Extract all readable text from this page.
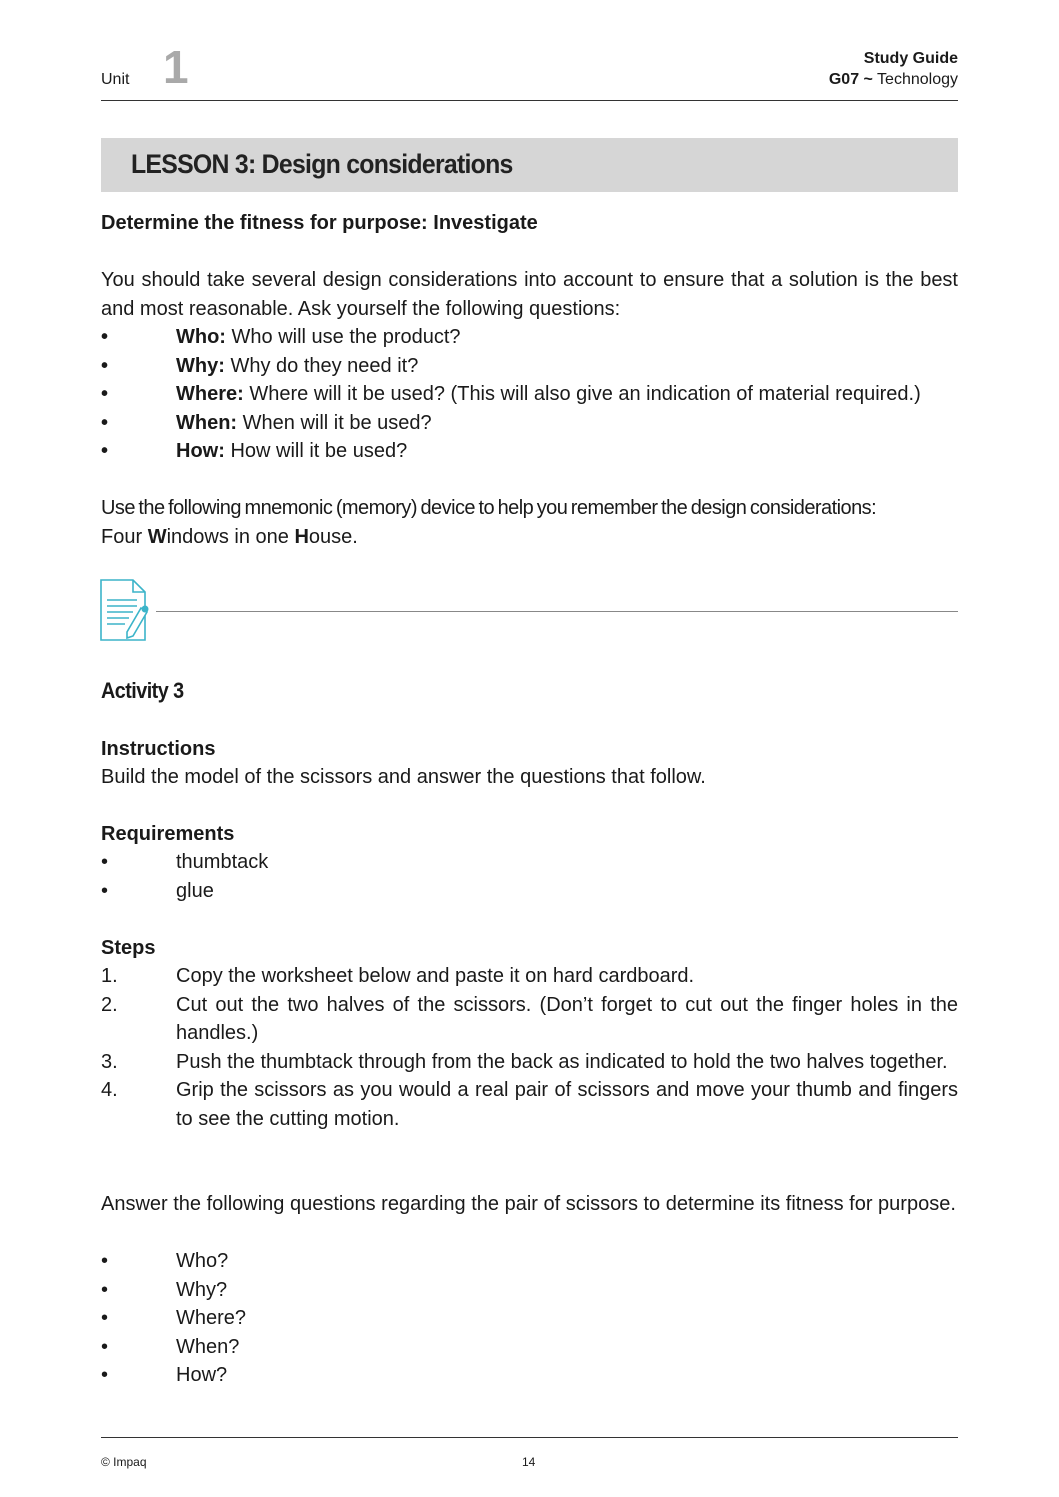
Unit 1	Study Guide
G07 ~ Technology
LESSON 3: Design considerations
Determine the fitness for purpose: Investigate
You should take several design considerations into account to ensure that a solution is the best and most reasonable. Ask yourself the following questions:
•	Who: Who will use the product?
•	Why: Why do they need it?
•	Where: Where will it be used? (This will also give an indication of material required.)
•	When: When will it be used?
•	How: How will it be used?
Use the following mnemonic (memory) device to help you remember the design considerations:
Four Windows in one House.
Activity 3
Instructions
Build the model of the scissors and answer the questions that follow.
Requirements
•	thumbtack
•	glue
Steps
1.	Copy the worksheet below and paste it on hard cardboard.
2.	Cut out the two halves of the scissors. (Don’t forget to cut out the finger holes in the handles.)
3.	Push the thumbtack through from the back as indicated to hold the two halves together.
4.	Grip the scissors as you would a real pair of scissors and move your thumb and fingers to see the cutting motion.
Answer the following questions regarding the pair of scissors to determine its fitness for purpose.
•	Who?
•	Why?
•	Where?
•	When?
•	How?
© Impaq	14
